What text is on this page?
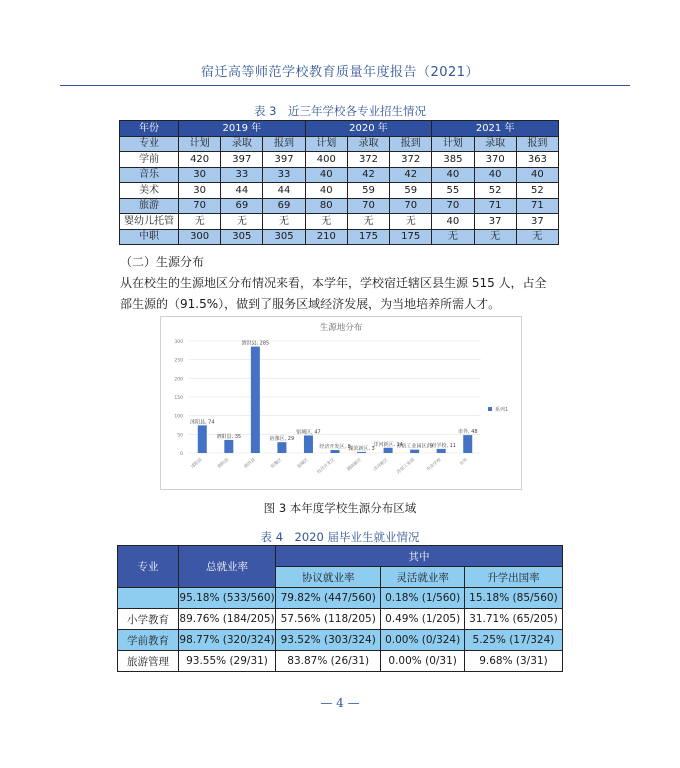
宿迁高等师范学校教育质量年度报告（2021）
表 3　近三年学校各专业招生情况
年份	2019 年			2020 年			2021 年		
专业	计划	录取	报到	计划	录取	报到	计划	录取	报到
学前	420	397	397	400	372	372	385	370	363
音乐	30	33	33	40	42	42	40	40	40
美术	30	44	44	40	59	59	55	52	52
旅游	70	69	69	80	70	70	70	71	71
婴幼儿托管	无	无	无	无	无	无	40	37	37
中职	300	305	305	210	175	175	无	无	无
（二）生源分布
从在校生的生源地区分布情况来看，本学年，学校宿迁辖区县生源 515 人，占全
部生源的（91.5%），做到了服务区域经济发展，为当地培养所需人才。
生源地分布
0
50
100
150
200
250
300
沭阳县, 74
沭阳县
泗阳县, 35
泗阳县
泗洪县, 285
泗洪县
宿豫区, 29
宿豫区
宿城区, 47
宿城区
经济开发区, 8
经济开发区
湖滨新区, 3
湖滨新区
洋河新区, 14
洋河新区
苏宿工业园区, 9
苏宿工业园
市直学校, 11
市直学校
市外, 48
市外
系列1
图 3 本年度学校生源分布区域
表 4　2020 届毕业生就业情况
专业	总就业率	其中		
		协议就业率	灵活就业率	升学出国率
	95.18% (533/560)	79.82% (447/560)	0.18% (1/560)	15.18% (85/560)
小学教育	89.76% (184/205)	57.56% (118/205)	0.49% (1/205)	31.71% (65/205)
学前教育	98.77% (320/324)	93.52% (303/324)	0.00% (0/324)	5.25% (17/324)
旅游管理	93.55% (29/31)	83.87% (26/31)	0.00% (0/31)	9.68% (3/31)
— 4 —
